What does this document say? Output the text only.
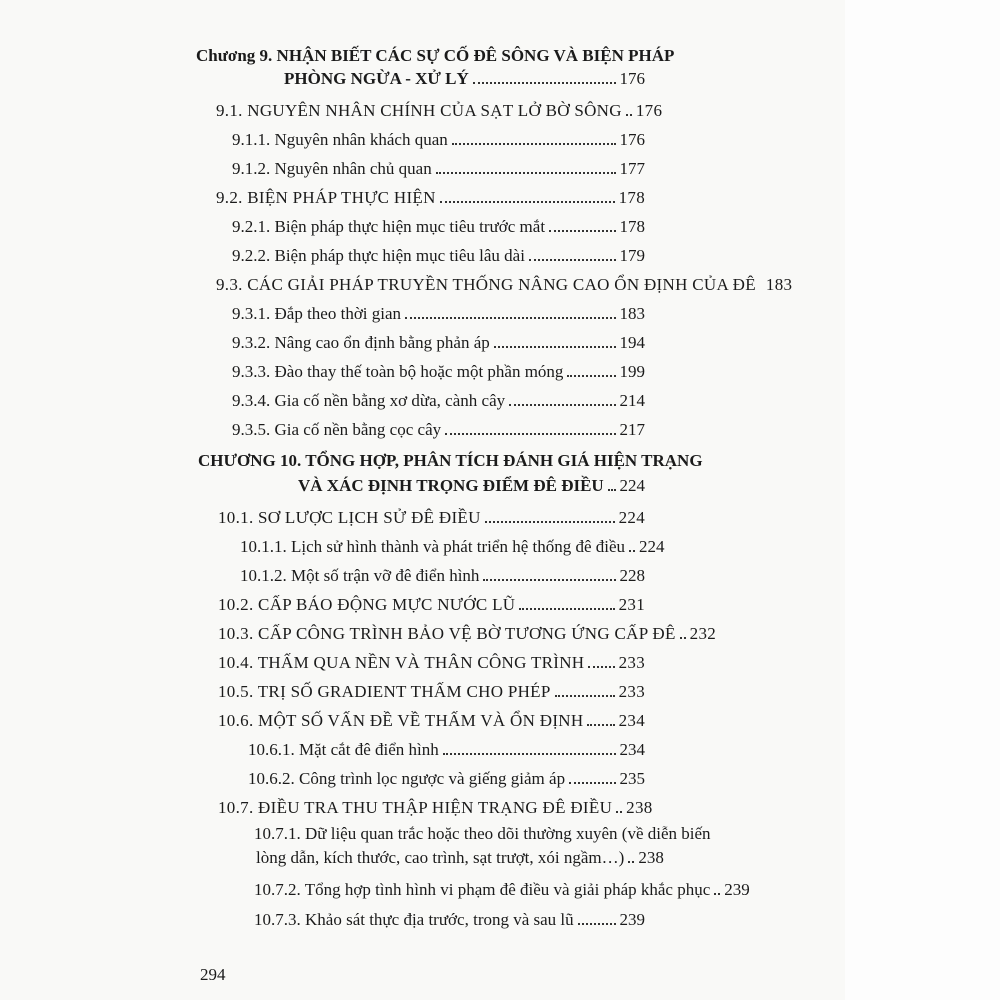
Chương 9. NHẬN BIẾT CÁC SỰ CỐ ĐÊ SÔNG VÀ BIỆN PHÁP
PHÒNG NGỪA - XỬ LÝ	176
9.1. NGUYÊN NHÂN CHÍNH CỦA SẠT LỞ BỜ SÔNG 176
9.1.1. Nguyên nhân khách quan	176
9.1.2. Nguyên nhân chủ quan	177
9.2. BIỆN PHÁP THỰC HIỆN	178
9.2.1. Biện pháp thực hiện mục tiêu trước mắt	178
9.2.2. Biện pháp thực hiện mục tiêu lâu dài	179
9.3. CÁC GIẢI PHÁP TRUYỀN THỐNG NÂNG CAO ỔN ĐỊNH CỦA ĐÊ 183
9.3.1. Đắp theo thời gian	183
9.3.2. Nâng cao ổn định bằng phản áp	194
9.3.3. Đào thay thế toàn bộ hoặc một phần móng	199
9.3.4. Gia cố nền bằng xơ dừa, cành cây	214
9.3.5. Gia cố nền bằng cọc cây	217
CHƯƠNG 10. TỔNG HỢP, PHÂN TÍCH ĐÁNH GIÁ HIỆN TRẠNG
VÀ XÁC ĐỊNH TRỌNG ĐIỂM ĐÊ ĐIỀU 224
10.1. SƠ LƯỢC LỊCH SỬ ĐÊ ĐIỀU	224
10.1.1. Lịch sử hình thành và phát triển hệ thống đê điều 224
10.1.2. Một số trận vỡ đê điển hình	228
10.2. CẤP BÁO ĐỘNG MỰC NƯỚC LŨ	231
10.3. CẤP CÔNG TRÌNH BẢO VỆ BỜ TƯƠNG ỨNG CẤP ĐÊ 232
10.4. THẤM QUA NỀN VÀ THÂN CÔNG TRÌNH 233
10.5. TRỊ SỐ GRADIENT THẤM CHO PHÉP	233
10.6. MỘT SỐ VẤN ĐỀ VỀ THẤM VÀ ỔN ĐỊNH 234
10.6.1. Mặt cắt đê điển hình	234
10.6.2. Công trình lọc ngược và giếng giảm áp	235
10.7. ĐIỀU TRA THU THẬP HIỆN TRẠNG ĐÊ ĐIỀU 238
10.7.1. Dữ liệu quan trắc hoặc theo dõi thường xuyên (về diễn biến
lòng dẫn, kích thước, cao trình, sạt trượt, xói ngầm…) 238
10.7.2. Tổng hợp tình hình vi phạm đê điều và giải pháp khắc phục 239
10.7.3. Khảo sát thực địa trước, trong và sau lũ	239
294
